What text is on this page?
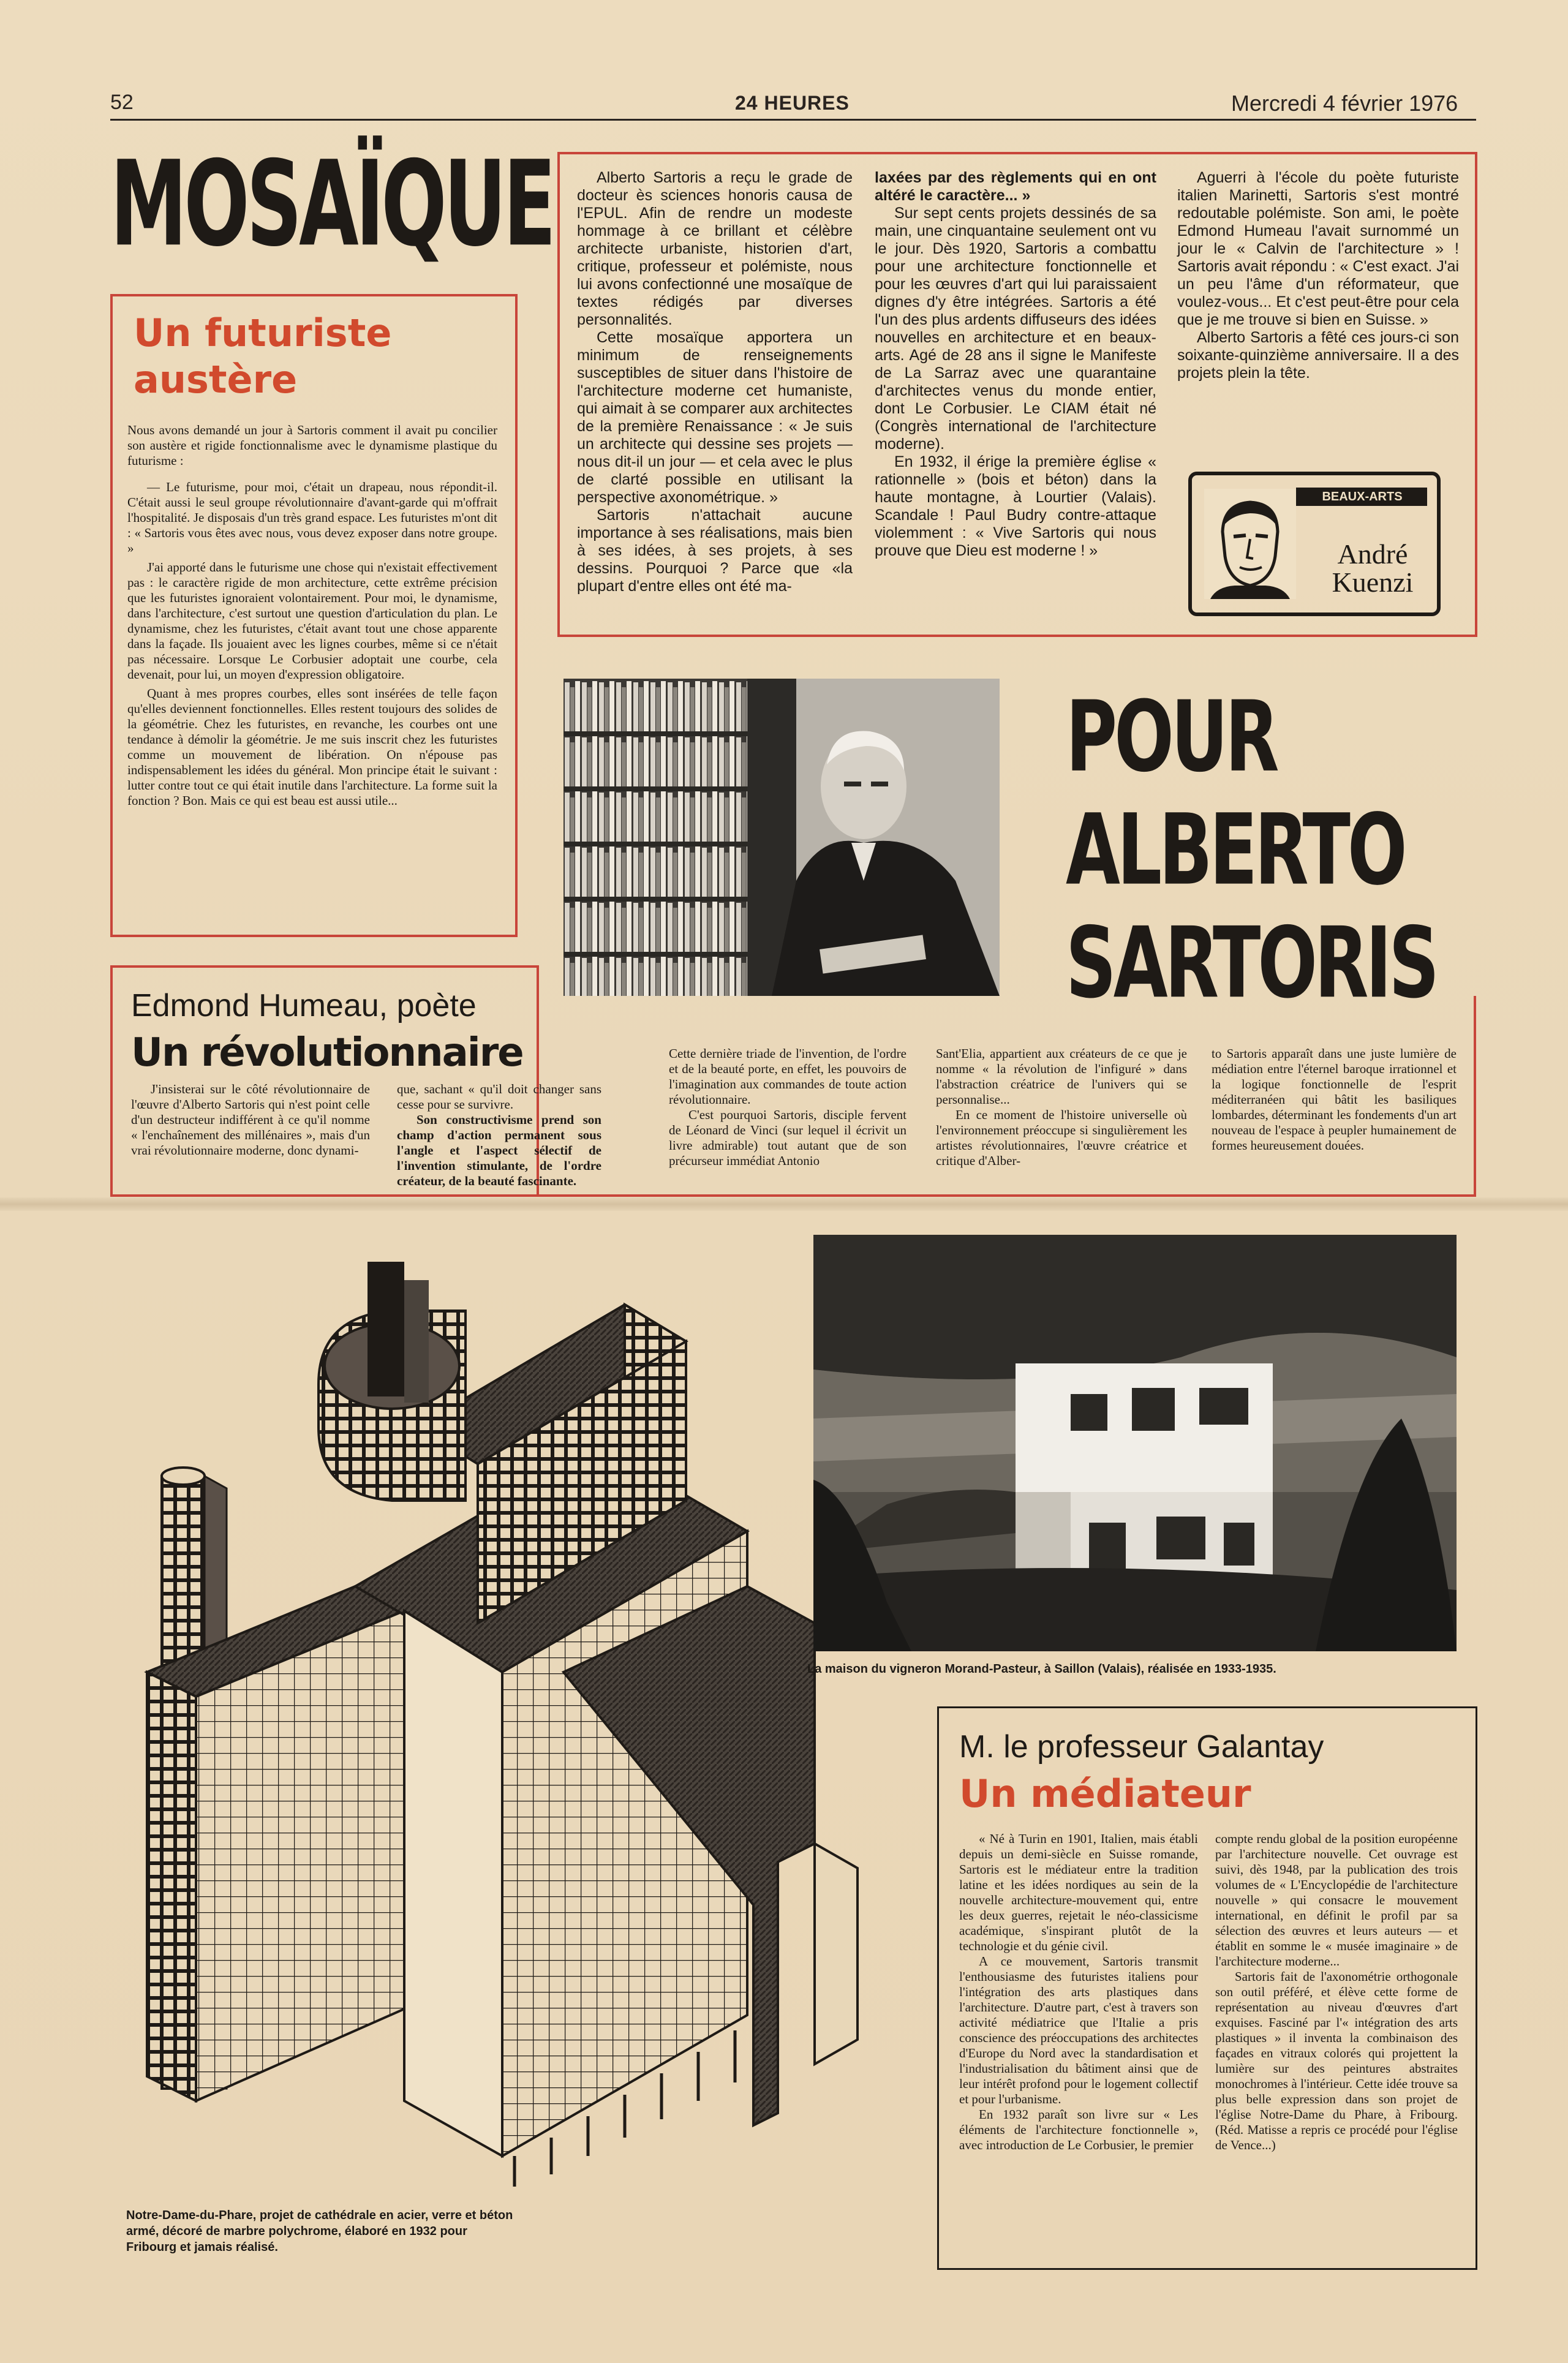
52	24 HEURES	Mercredi 4 février 1976
MOSAÏQUE
Un futuriste
austère

Nous avons demandé un jour à Sartoris comment il avait pu concilier son austère et rigide fonctionnalisme avec le dynamisme plastique du futurisme :

— Le futurisme, pour moi, c'était un drapeau, nous répondit-il. C'était aussi le seul groupe révolutionnaire d'avant-garde qui m'offrait l'hospitalité. Je disposais d'un très grand espace. Les futuristes m'ont dit : « Sartoris vous êtes avec nous, vous devez exposer dans notre groupe. »

J'ai apporté dans le futurisme une chose qui n'existait effectivement pas : le caractère rigide de mon architecture, cette extrême précision que les futuristes ignoraient volontairement. Pour moi, le dynamisme, dans l'architecture, c'est surtout une question d'articulation du plan. Le dynamisme, chez les futuristes, c'était avant tout une chose apparente dans la façade. Ils jouaient avec les lignes courbes, même si ce n'était pas nécessaire. Lorsque Le Corbusier adoptait une courbe, cela devenait, pour lui, un moyen d'expression obligatoire.

Quant à mes propres courbes, elles sont insérées de telle façon qu'elles deviennent fonctionnelles. Elles restent toujours des solides de la géométrie. Chez les futuristes, en revanche, les courbes ont une tendance à démolir la géométrie. Je me suis inscrit chez les futuristes comme un mouvement de libération. On n'épouse pas indispensablement les idées du général. Mon principe était le suivant : lutter contre tout ce qui était inutile dans l'architecture. La forme suit la fonction ? Bon. Mais ce qui est beau est aussi utile...

Alberto Sartoris a reçu le grade de docteur ès sciences honoris causa de l'EPUL. Afin de rendre un modeste hommage à ce brillant et célèbre architecte urbaniste, historien d'art, critique, professeur et polémiste, nous lui avons confectionné une mosaïque de textes rédigés par diverses personnalités.

Cette mosaïque apportera un minimum de renseignements susceptibles de situer dans l'histoire de l'architecture moderne cet humaniste, qui aimait à se comparer aux architectes de la première Renaissance : « Je suis un architecte qui dessine ses projets — nous dit-il un jour — et cela avec le plus de clarté possible en utilisant la perspective axonométrique. »

Sartoris n'attachait aucune importance à ses réalisations, mais bien à ses idées, à ses projets, à ses dessins. Pourquoi ? Parce que «la plupart d'entre elles ont été ma-

laxées par des règlements qui en ont altéré le caractère... »

Sur sept cents projets dessinés de sa main, une cinquantaine seulement ont vu le jour. Dès 1920, Sartoris a combattu pour une architecture fonctionnelle et pour les œuvres d'art qui lui paraissaient dignes d'y être intégrées. Sartoris a été l'un des plus ardents diffuseurs des idées nouvelles en architecture et en beaux-arts. Agé de 28 ans il signe le Manifeste de La Sarraz avec une quarantaine d'architectes venus du monde entier, dont Le Corbusier. Le CIAM était né (Congrès international de l'architecture moderne).

En 1932, il érige la première église « rationnelle » (bois et béton) dans la haute montagne, à Lourtier (Valais). Scandale ! Paul Budry contre-attaque violemment : « Vive Sartoris qui nous prouve que Dieu est moderne ! »

Aguerri à l'école du poète futuriste italien Marinetti, Sartoris s'est montré redoutable polémiste. Son ami, le poète Edmond Humeau l'avait surnommé un jour le « Calvin de l'architecture » ! Sartoris avait répondu : « C'est exact. J'ai un peu l'âme d'un réformateur, que voulez-vous... Et c'est peut-être pour cela que je me trouve si bien en Suisse. »

Alberto Sartoris a fêté ces jours-ci son soixante-quinzième anniversaire. Il a des projets plein la tête.

BEAUX-ARTS
André
Kuenzi
POUR
ALBERTO
SARTORIS
Edmond Humeau, poète
Un révolutionnaire

J'insisterai sur le côté révolutionnaire de l'œuvre d'Alberto Sartoris qui n'est point celle d'un destructeur indifférent à ce qu'il nomme « l'enchaînement des millénaires », mais d'un vrai révolutionnaire moderne, donc dynami-

que, sachant « qu'il doit changer sans cesse pour se survivre.

Son constructivisme prend son champ d'action permanent sous l'angle et l'aspect sélectif de l'invention stimulante, de l'ordre créateur, de la beauté fascinante.

Cette dernière triade de l'invention, de l'ordre et de la beauté porte, en effet, les pouvoirs de l'imagination aux commandes de toute action révolutionnaire.

C'est pourquoi Sartoris, disciple fervent de Léonard de Vinci (sur lequel il écrivit un livre admirable) tout autant que de son précurseur immédiat Antonio

Sant'Elia, appartient aux créateurs de ce que je nomme « la révolution de l'infiguré » dans l'abstraction créatrice de l'univers qui se personnalise...

En ce moment de l'histoire universelle où l'environnement préoccupe si singulièrement les artistes révolutionnaires, l'œuvre créatrice et critique d'Alber-

to Sartoris apparaît dans une juste lumière de médiation entre l'éternel baroque irrationnel et la logique fonctionnelle de l'esprit méditerranéen qui bâtit les basiliques lombardes, déterminant les fondements d'un art nouveau de l'espace à peupler humainement de formes heureusement douées.

Notre-Dame-du-Phare, projet de cathédrale en acier, verre et béton armé, décoré de marbre polychrome, élaboré en 1932 pour Fribourg et jamais réalisé.
La maison du vigneron Morand-Pasteur, à Saillon (Valais), réalisée en 1933-1935.
M. le professeur Galantay
Un médiateur

« Né à Turin en 1901, Italien, mais établi depuis un demi-siècle en Suisse romande, Sartoris est le médiateur entre la tradition latine et les idées nordiques au sein de la nouvelle architecture-mouvement qui, entre les deux guerres, rejetait le néo-classicisme académique, s'inspirant plutôt de la technologie et du génie civil.

A ce mouvement, Sartoris transmit l'enthousiasme des futuristes italiens pour l'intégration des arts plastiques dans l'architecture. D'autre part, c'est à travers son activité médiatrice que l'Italie a pris conscience des préoccupations des architectes d'Europe du Nord avec la standardisation et l'industrialisation du bâtiment ainsi que de leur intérêt profond pour le logement collectif et pour l'urbanisme.

En 1932 paraît son livre sur « Les éléments de l'architecture fonctionnelle », avec introduction de Le Corbusier, le premier

compte rendu global de la position européenne par l'architecture nouvelle. Cet ouvrage est suivi, dès 1948, par la publication des trois volumes de « L'Encyclopédie de l'architecture nouvelle » qui consacre le mouvement international, en définit le profil par sa sélection des œuvres et leurs auteurs — et établit en somme le « musée imaginaire » de l'architecture moderne...

Sartoris fait de l'axonométrie orthogonale son outil préféré, et élève cette forme de représentation au niveau d'œuvres d'art exquises. Fasciné par l'« intégration des arts plastiques » il inventa la combinaison des façades en vitraux colorés qui projettent la lumière sur des peintures abstraites monochromes à l'intérieur. Cette idée trouve sa plus belle expression dans son projet de l'église Notre-Dame du Phare, à Fribourg. (Réd. Matisse a repris ce procédé pour l'église de Vence...)
